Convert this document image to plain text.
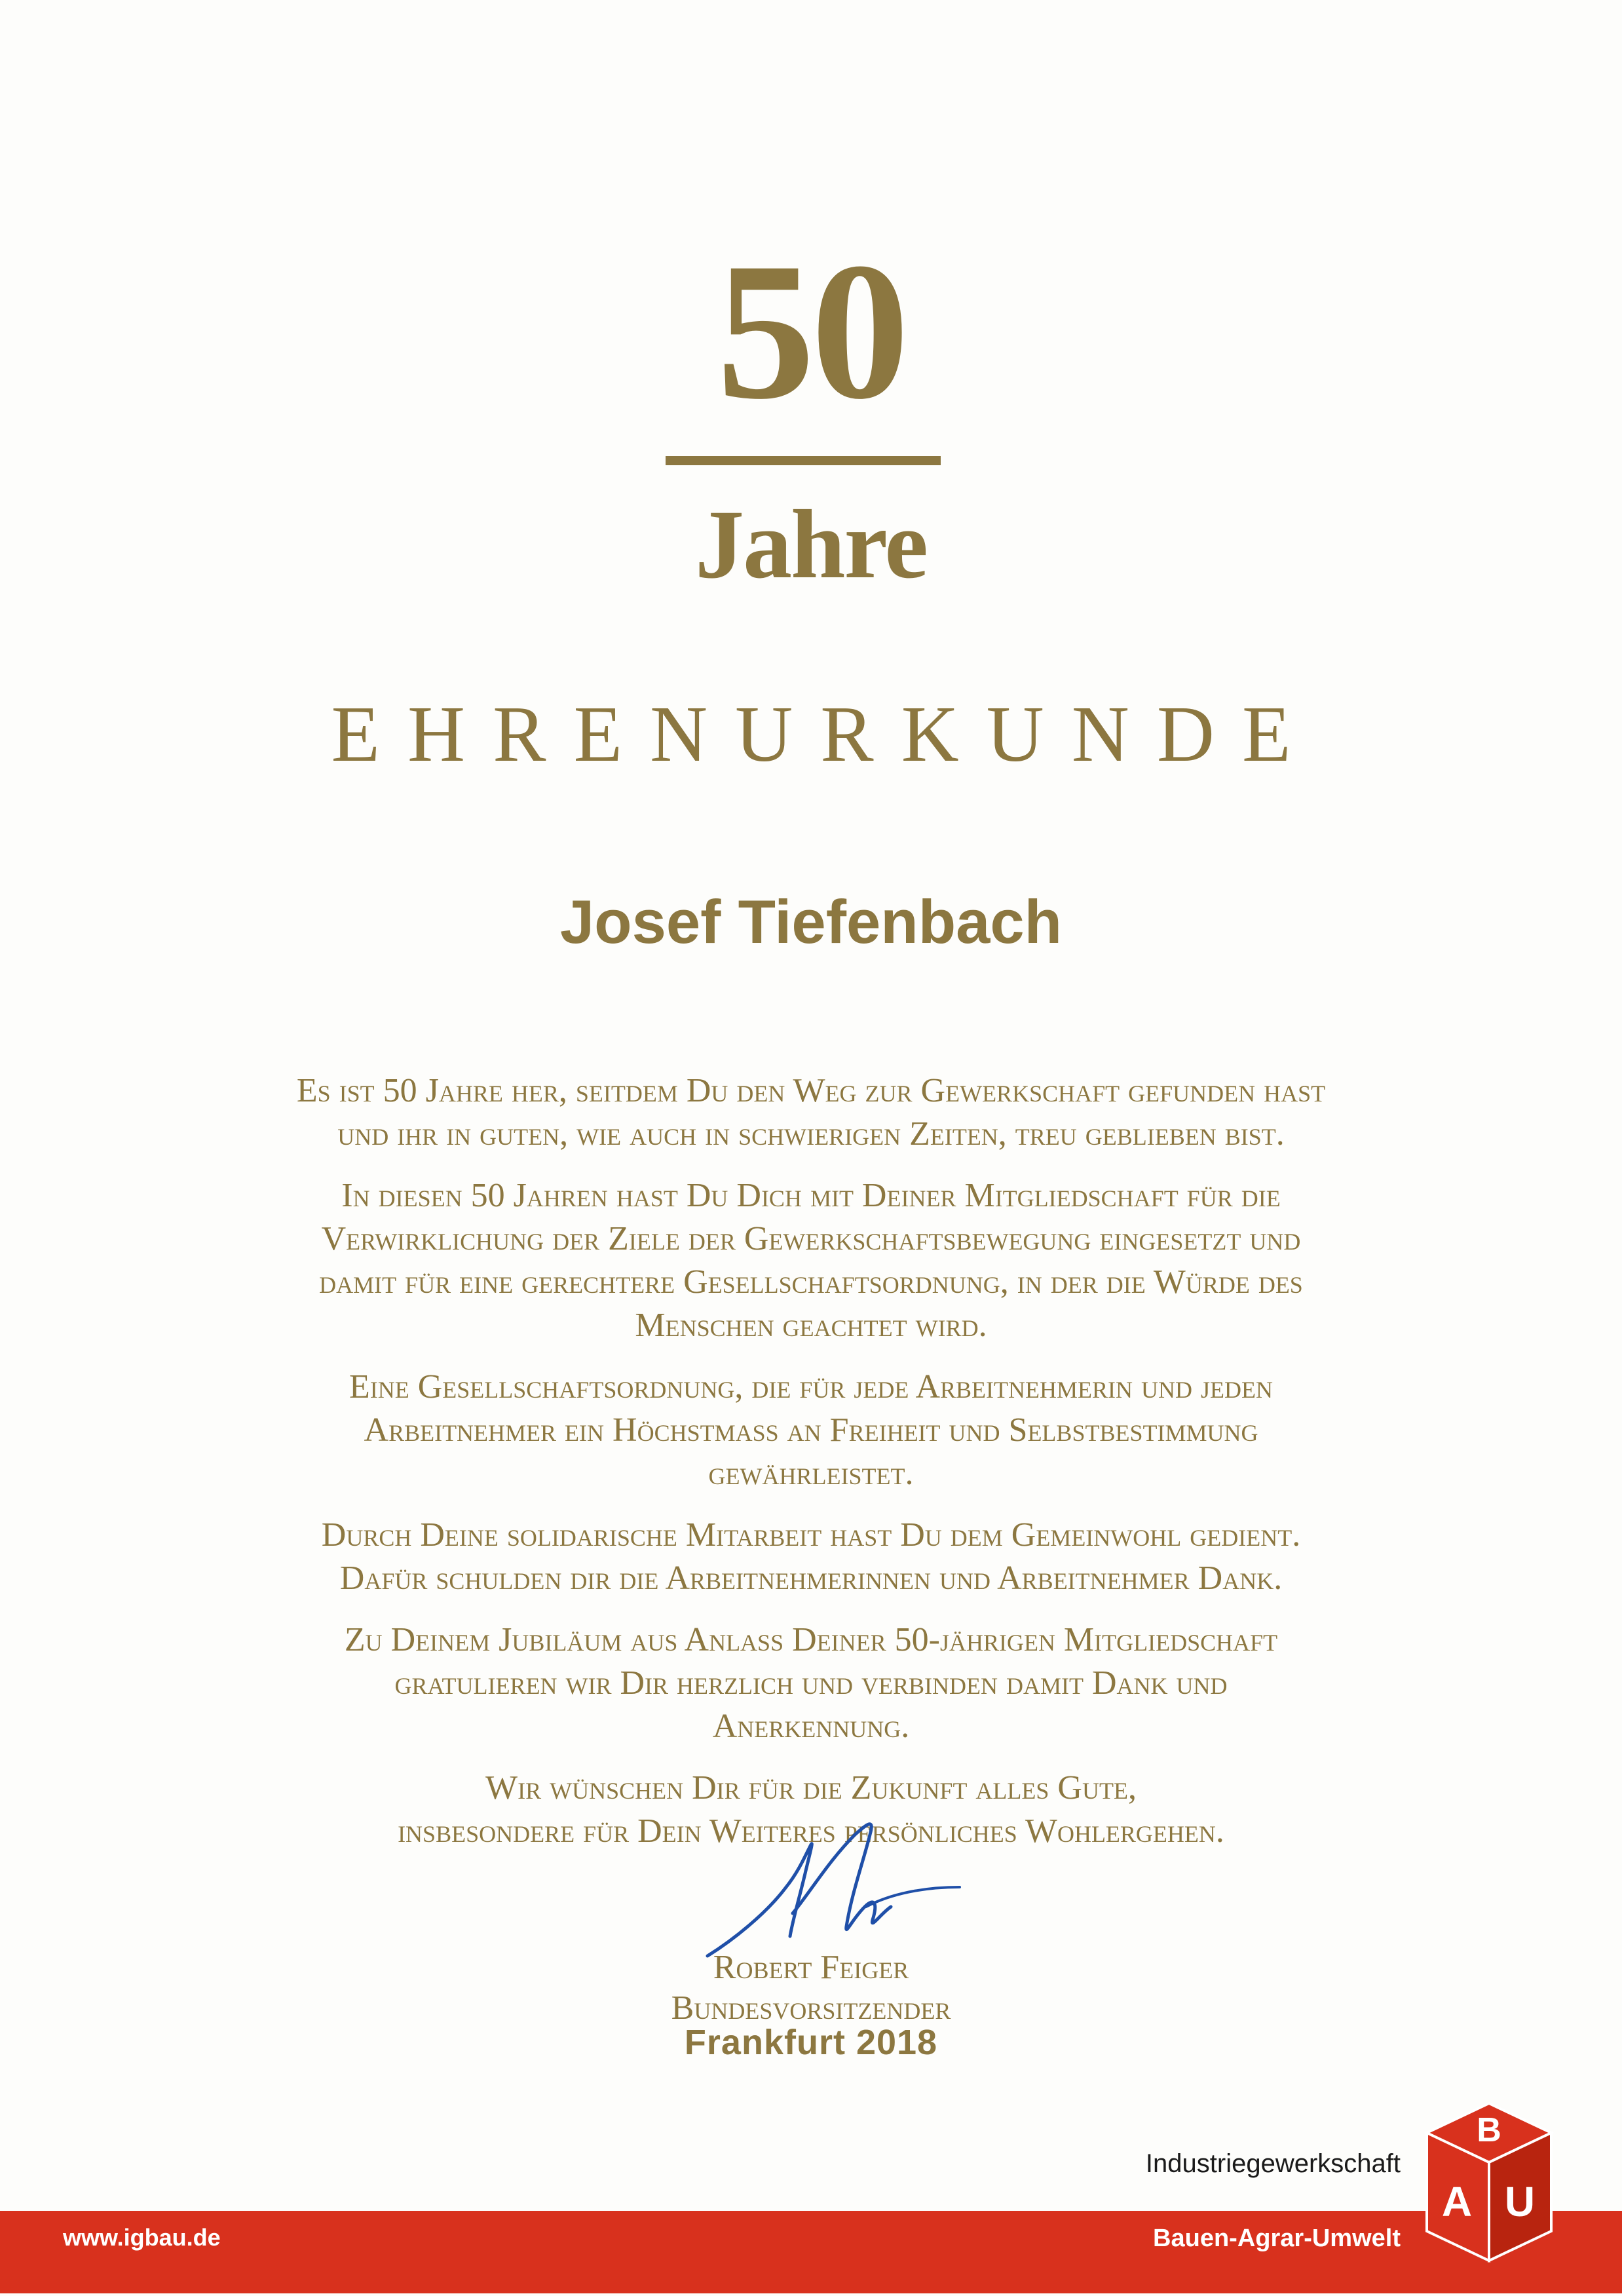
50
Jahre
EHRENURKUNDE
Josef Tiefenbach

Es ist 50 Jahre her, seitdem Du den Weg zur Gewerkschaft gefunden hast
und ihr in guten, wie auch in schwierigen Zeiten, treu geblieben bist.

In diesen 50 Jahren hast Du Dich mit Deiner Mitgliedschaft für die
Verwirklichung der Ziele der Gewerkschaftsbewegung eingesetzt und
damit für eine gerechtere Gesellschaftsordnung, in der die Würde des
Menschen geachtet wird.

Eine Gesellschaftsordnung, die für jede Arbeitnehmerin und jeden
Arbeitnehmer ein Höchstmaß an Freiheit und Selbstbestimmung
gewährleistet.

Durch Deine solidarische Mitarbeit hast Du dem Gemeinwohl gedient.
Dafür schulden dir die Arbeitnehmerinnen und Arbeitnehmer Dank.

Zu Deinem Jubiläum aus Anlass Deiner 50-jährigen Mitgliedschaft
gratulieren wir Dir herzlich und verbinden damit Dank und
Anerkennung.

Wir wünschen Dir für die Zukunft alles Gute,
insbesondere für Dein Weiteres persönliches Wohlergehen.

Robert Feiger
Bundesvorsitzender
Frankfurt 2018
www.igbau.de
Industriegewerkschaft
Bauen-Agrar-Umwelt
B
A U
